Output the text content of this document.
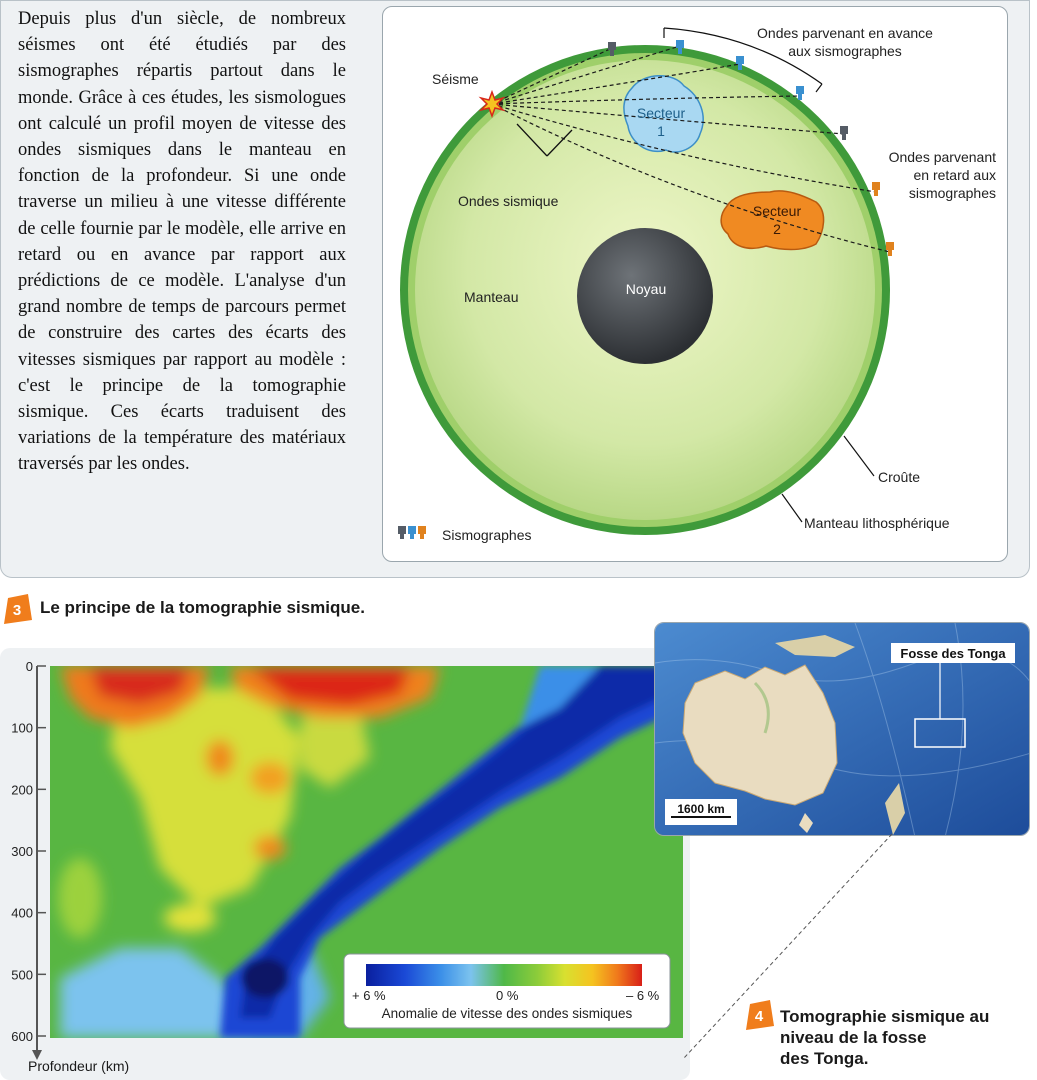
Depuis plus d'un siècle, de nombreux séismes ont été étudiés par des sismographes répartis partout dans le monde. Grâce à ces études, les sismologues ont calculé un profil moyen de vitesse des ondes sismiques dans le manteau en fonction de la profondeur. Si une onde traverse un milieu à une vitesse différente de celle fournie par le modèle, elle arrive en retard ou en avance par rapport aux prédictions de ce modèle. L'analyse d'un grand nombre de temps de parcours permet de construire des cartes des écarts des vitesses sismiques par rapport au modèle : c'est le principe de la tomographie sismique. Ces écarts traduisent des variations de la température des matériaux traversés par les ondes.
Séisme
Ondes parvenant en avance
aux sismographes
Ondes parvenant
en retard aux
sismographes
Secteur
1
Secteur
2
Ondes sismique
Noyau
Manteau
Croûte
Manteau lithosphérique
Sismographes
3 Le principe de la tomographie sismique.
0
100
200
300
400
500
600
+ 6 %	0 %	– 6 %
Anomalie de vitesse des ondes sismiques
Profondeur (km)
Fosse des Tonga
1600 km
4 Tomographie sismique au
niveau de la fosse
des Tonga.
